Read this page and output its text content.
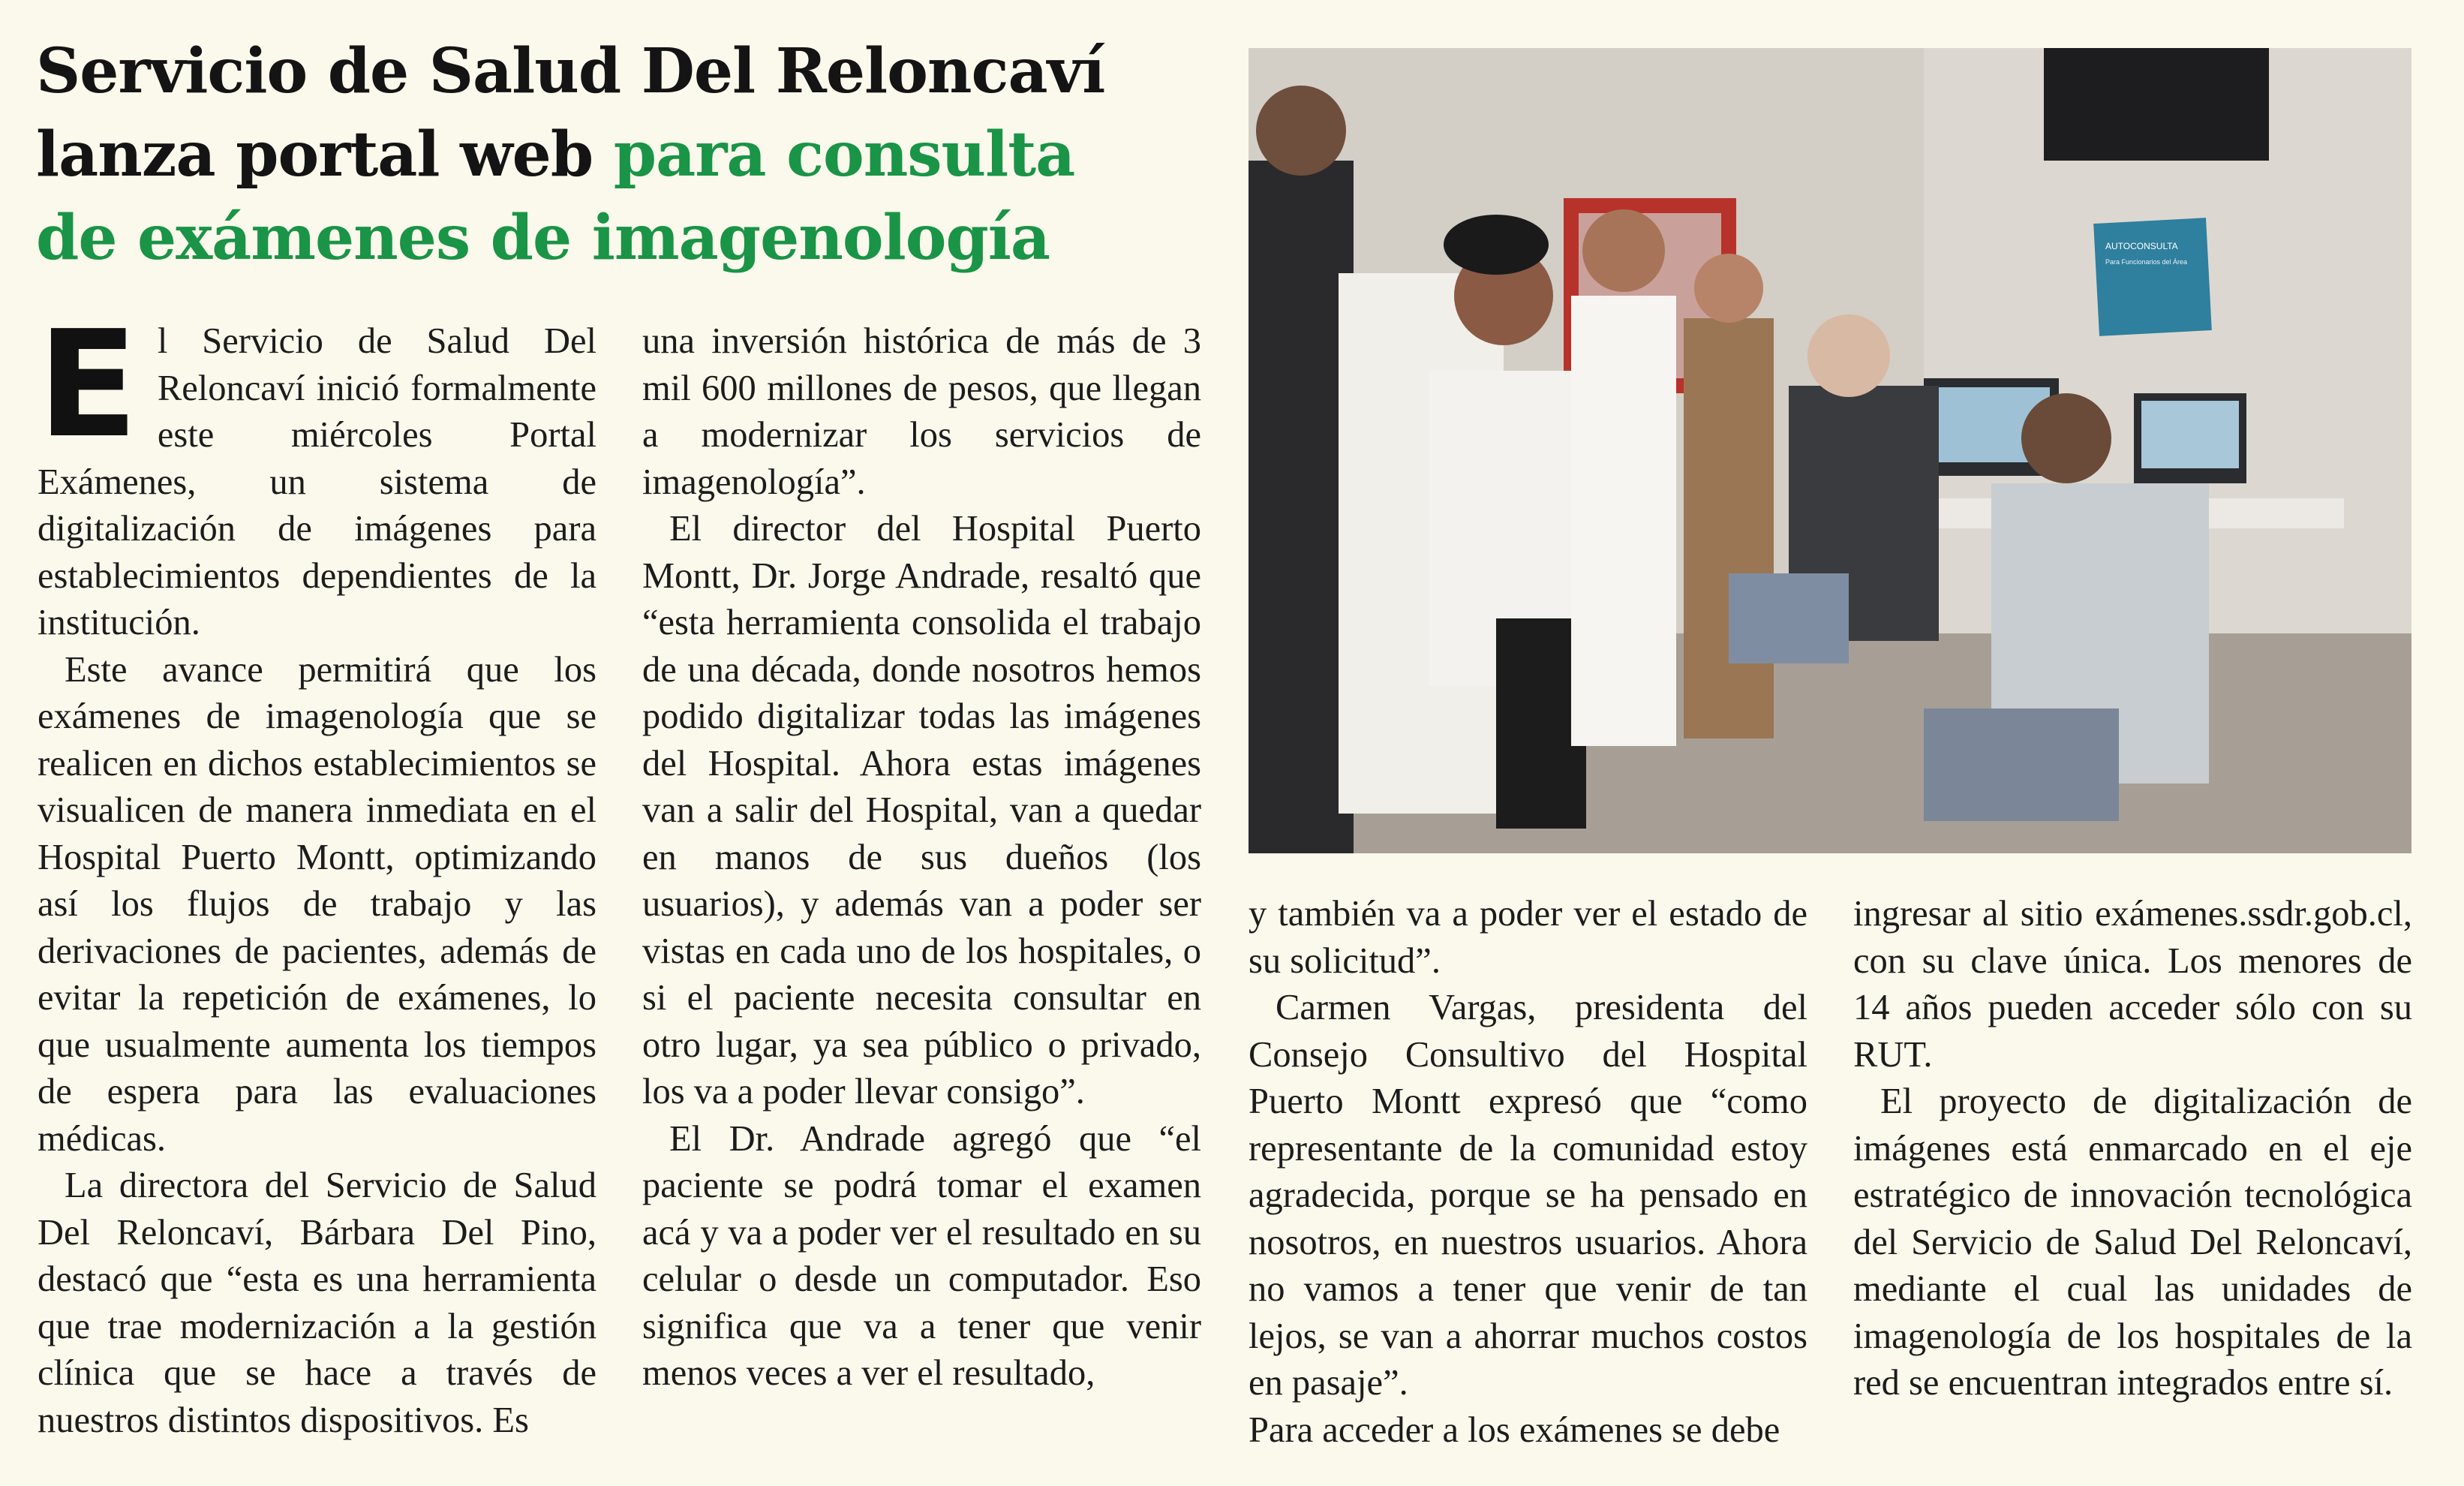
Servicio de Salud Del Reloncaví
lanza portal web para consulta
de exámenes de imagenología

El Servicio de Salud Del Reloncaví inició formalmente este miércoles Portal Exámenes, un sistema de digitalización de imágenes para establecimientos dependientes de la institución.

Este avance permitirá que los exámenes de imagenología que se realicen en dichos establecimientos se visualicen de manera inmediata en el Hospital Puerto Montt, optimizando así los flujos de trabajo y las derivaciones de pacientes, además de evitar la repetición de exámenes, lo que usualmente aumenta los tiempos de espera para las evaluaciones médicas.

La directora del Servicio de Salud Del Reloncaví, Bárbara Del Pino, destacó que “esta es una herramienta que trae modernización a la gestión clínica que se hace a través de nuestros distintos dispositivos. Es

una inversión histórica de más de 3 mil 600 millones de pesos, que llegan a modernizar los servicios de imagenología”.

El director del Hospital Puerto Montt, Dr. Jorge Andrade, resaltó que “esta herramienta consolida el trabajo de una década, donde nosotros hemos podido digitalizar todas las imágenes del Hospital. Ahora estas imágenes van a salir del Hospital, van a quedar en manos de sus dueños (los usuarios), y además van a poder ser vistas en cada uno de los hospitales, o si el paciente necesita consultar en otro lugar, ya sea público o privado, los va a poder llevar consigo”.

El Dr. Andrade agregó que “el paciente se podrá tomar el examen acá y va a poder ver el resultado en su celular o desde un computador. Eso significa que va a tener que venir menos veces a ver el resultado,

AUTOCONSULTA
Para Funcionarios del Área

y también va a poder ver el estado de su solicitud”.

Carmen Vargas, presidenta del Consejo Consultivo del Hospital Puerto Montt expresó que “como representante de la comunidad estoy agradecida, porque se ha pensado en nosotros, en nuestros usuarios. Ahora no vamos a tener que venir de tan lejos, se van a ahorrar muchos costos en pasaje”.

Para acceder a los exámenes se debe

ingresar al sitio exámenes.ssdr.gob.cl, con su clave única. Los menores de 14 años pueden acceder sólo con su RUT.

El proyecto de digitalización de imágenes está enmarcado en el eje estratégico de innovación tecnológica del Servicio de Salud Del Reloncaví, mediante el cual las unidades de imagenología de los hospitales de la red se encuentran integrados entre sí.
